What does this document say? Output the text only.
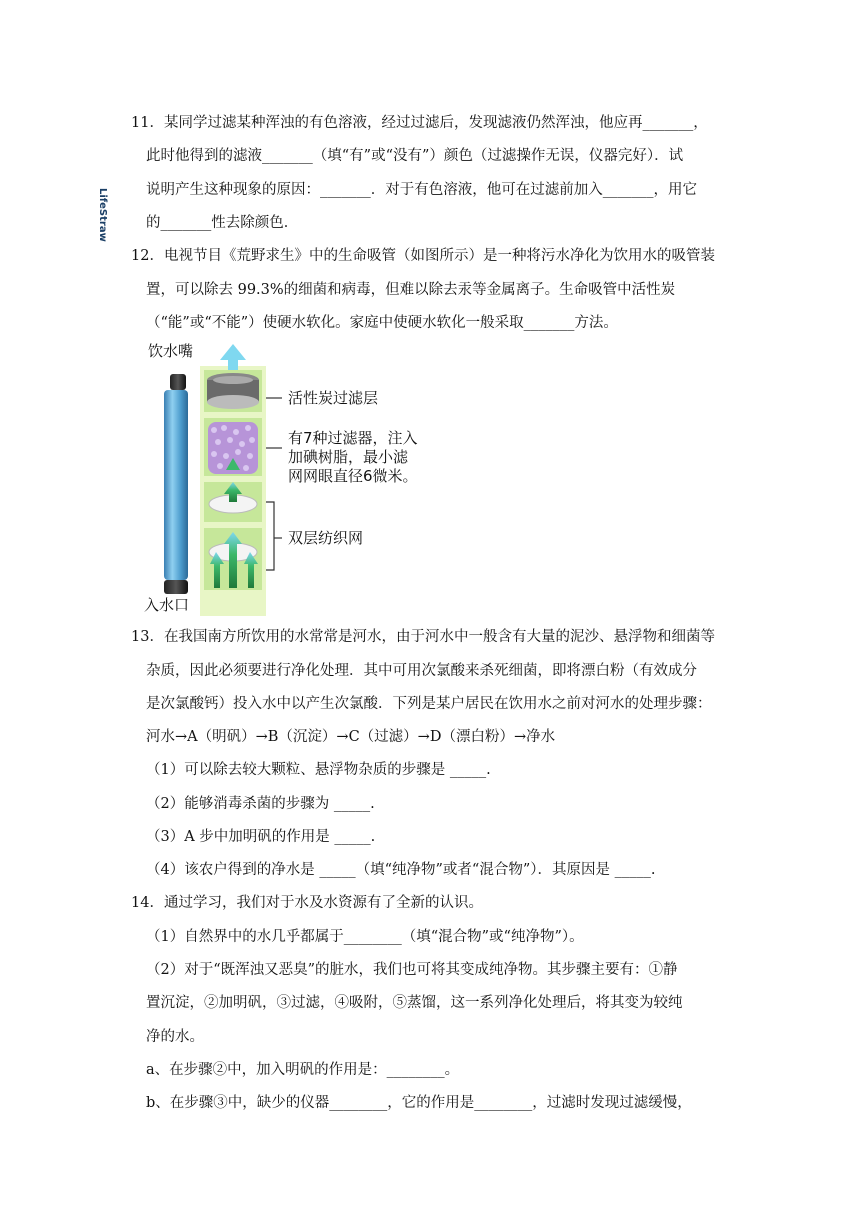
11．某同学过滤某种浑浊的有色溶液，经过过滤后，发现滤液仍然浑浊，他应再_______，
此时他得到的滤液_______（填“有”或“没有”）颜色（过滤操作无误，仪器完好）．试
说明产生这种现象的原因：_______．对于有色溶液，他可在过滤前加入_______，用它
的_______性去除颜色．
12．电视节目《荒野求生》中的生命吸管（如图所示）是一种将污水净化为饮用水的吸管装
置，可以除去 99.3%的细菌和病毒，但难以除去汞等金属离子。生命吸管中活性炭
（“能”或“不能”）使硬水软化。家庭中使硬水软化一般采取_______方法。
饮水嘴
入水口
LifeStraw
活性炭过滤层
有7种过滤器，注入
加碘树脂，最小滤
网网眼直径6微米。
双层纺织网
13．在我国南方所饮用的水常常是河水，由于河水中一般含有大量的泥沙、悬浮物和细菌等
杂质，因此必须要进行净化处理．其中可用次氯酸来杀死细菌，即将漂白粉（有效成分
是次氯酸钙）投入水中以产生次氯酸．下列是某户居民在饮用水之前对河水的处理步骤：
河水→A（明矾）→B（沉淀）→C（过滤）→D（漂白粉）→净水
（1）可以除去较大颗粒、悬浮物杂质的步骤是 _____.
（2）能够消毒杀菌的步骤为 _____.
（3）A 步中加明矾的作用是 _____.
（4）该农户得到的净水是 _____（填“纯净物”或者“混合物”）．其原因是 _____.
14．通过学习，我们对于水及水资源有了全新的认识。
（1）自然界中的水几乎都属于________（填“混合物”或“纯净物”）。
（2）对于“既浑浊又恶臭”的脏水，我们也可将其变成纯净物。其步骤主要有：①静
置沉淀，②加明矾，③过滤，④吸附，⑤蒸馏，这一系列净化处理后，将其变为较纯
净的水。
a、在步骤②中，加入明矾的作用是：________。
b、在步骤③中，缺少的仪器________，它的作用是________，过滤时发现过滤缓慢，
